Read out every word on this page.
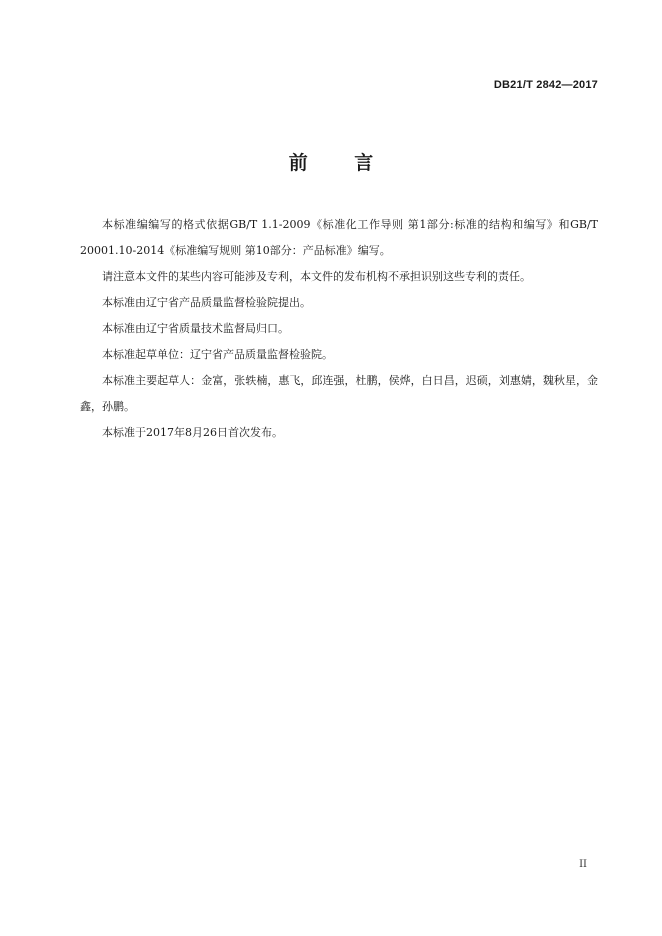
DB21/T 2842—2017
前 言

本标准编编写的格式依据GB/T 1.1-2009《标准化工作导则 第1部分:标准的结构和编写》和GB/T 20001.10-2014《标准编写规则 第10部分：产品标准》编写。

请注意本文件的某些内容可能涉及专利，本文件的发布机构不承担识别这些专利的责任。

本标准由辽宁省产品质量监督检验院提出。

本标准由辽宁省质量技术监督局归口。

本标准起草单位：辽宁省产品质量监督检验院。

本标准主要起草人：金富，张轶楠，惠飞，邱连强，杜鹏，侯烨，白日昌，迟硕，刘惠婧，魏秋星，金鑫，孙鹏。

本标准于2017年8月26日首次发布。

II
